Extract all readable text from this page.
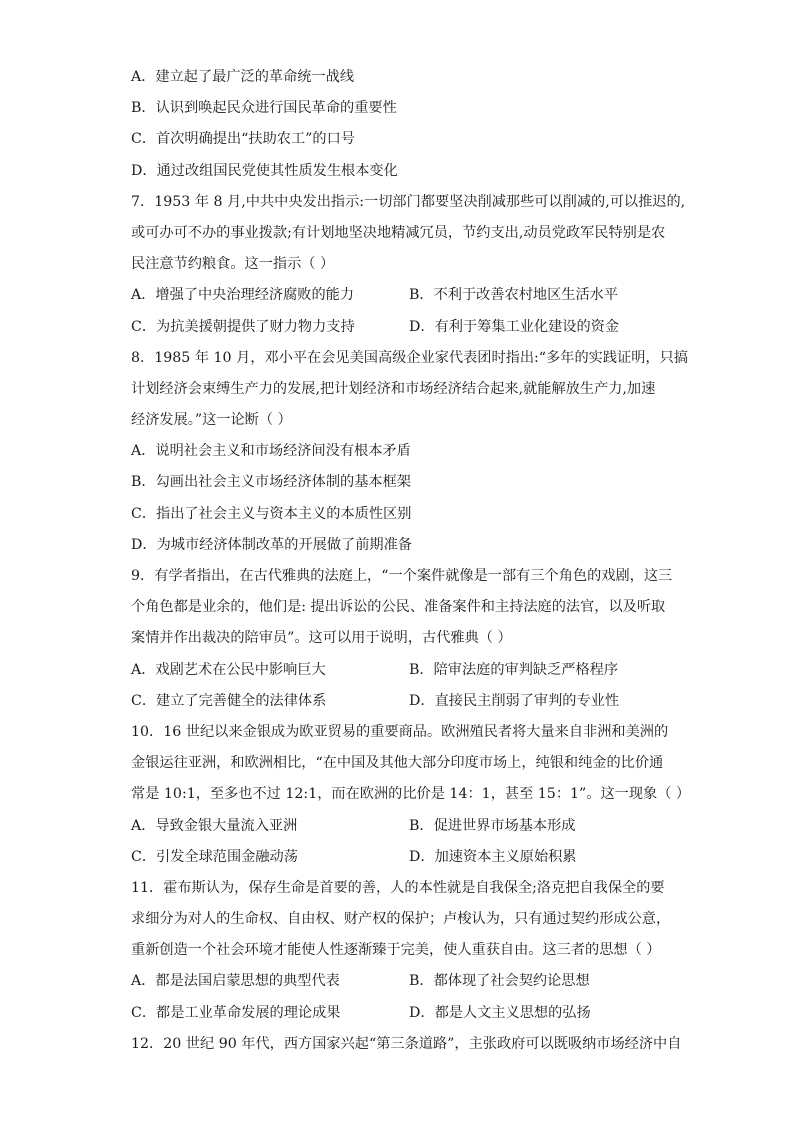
A．建立起了最广泛的革命统一战线
B．认识到唤起民众进行国民革命的重要性
C．首次明确提出“扶助农工”的口号
D．通过改组国民党使其性质发生根本变化
7．1953 年 8 月,中共中央发出指示:一切部门都要坚决削减那些可以削减的,可以推迟的,
或可办可不办的事业拨款;有计划地坚决地精减冗员，节约支出,动员党政军民特别是农
民注意节约粮食。这一指示（ ）
A．增强了中央治理经济腐败的能力	B．不利于改善农村地区生活水平
C．为抗美援朝提供了财力物力支持	D．有利于筹集工业化建设的资金
8．1985 年 10 月，邓小平在会见美国高级企业家代表团时指出:“多年的实践证明，只搞
计划经济会束缚生产力的发展,把计划经济和市场经济结合起来,就能解放生产力,加速
经济发展。”这一论断（ ）
A．说明社会主义和市场经济间没有根本矛盾
B．勾画出社会主义市场经济体制的基本框架
C．指出了社会主义与资本主义的本质性区别
D．为城市经济体制改革的开展做了前期准备
9．有学者指出，在古代雅典的法庭上，“一个案件就像是一部有三个角色的戏剧，这三
个角色都是业余的，他们是: 提出诉讼的公民、准备案件和主持法庭的法官，以及听取
案情并作出裁决的陪审员”。这可以用于说明，古代雅典（ ）
A．戏剧艺术在公民中影响巨大	B．陪审法庭的审判缺乏严格程序
C．建立了完善健全的法律体系	D．直接民主削弱了审判的专业性
10．16 世纪以来金银成为欧亚贸易的重要商品。欧洲殖民者将大量来自非洲和美洲的
金银运往亚洲，和欧洲相比，“在中国及其他大部分印度市场上，纯银和纯金的比价通
常是 10:1，至多也不过 12:1，而在欧洲的比价是 14：1，甚至 15：1”。这一现象（ ）
A．导致金银大量流入亚洲	B．促进世界市场基本形成
C．引发全球范围金融动荡	D．加速资本主义原始积累
11．霍布斯认为，保存生命是首要的善，人的本性就是自我保全;洛克把自我保全的要
求细分为对人的生命权、自由权、财产权的保护；卢梭认为，只有通过契约形成公意，
重新创造一个社会环境才能使人性逐渐臻于完美，使人重获自由。这三者的思想（ ）
A．都是法国启蒙思想的典型代表	B．都体现了社会契约论思想
C．都是工业革命发展的理论成果	D．都是人文主义思想的弘扬
12．20 世纪 90 年代，西方国家兴起“第三条道路”，主张政府可以既吸纳市场经济中自
